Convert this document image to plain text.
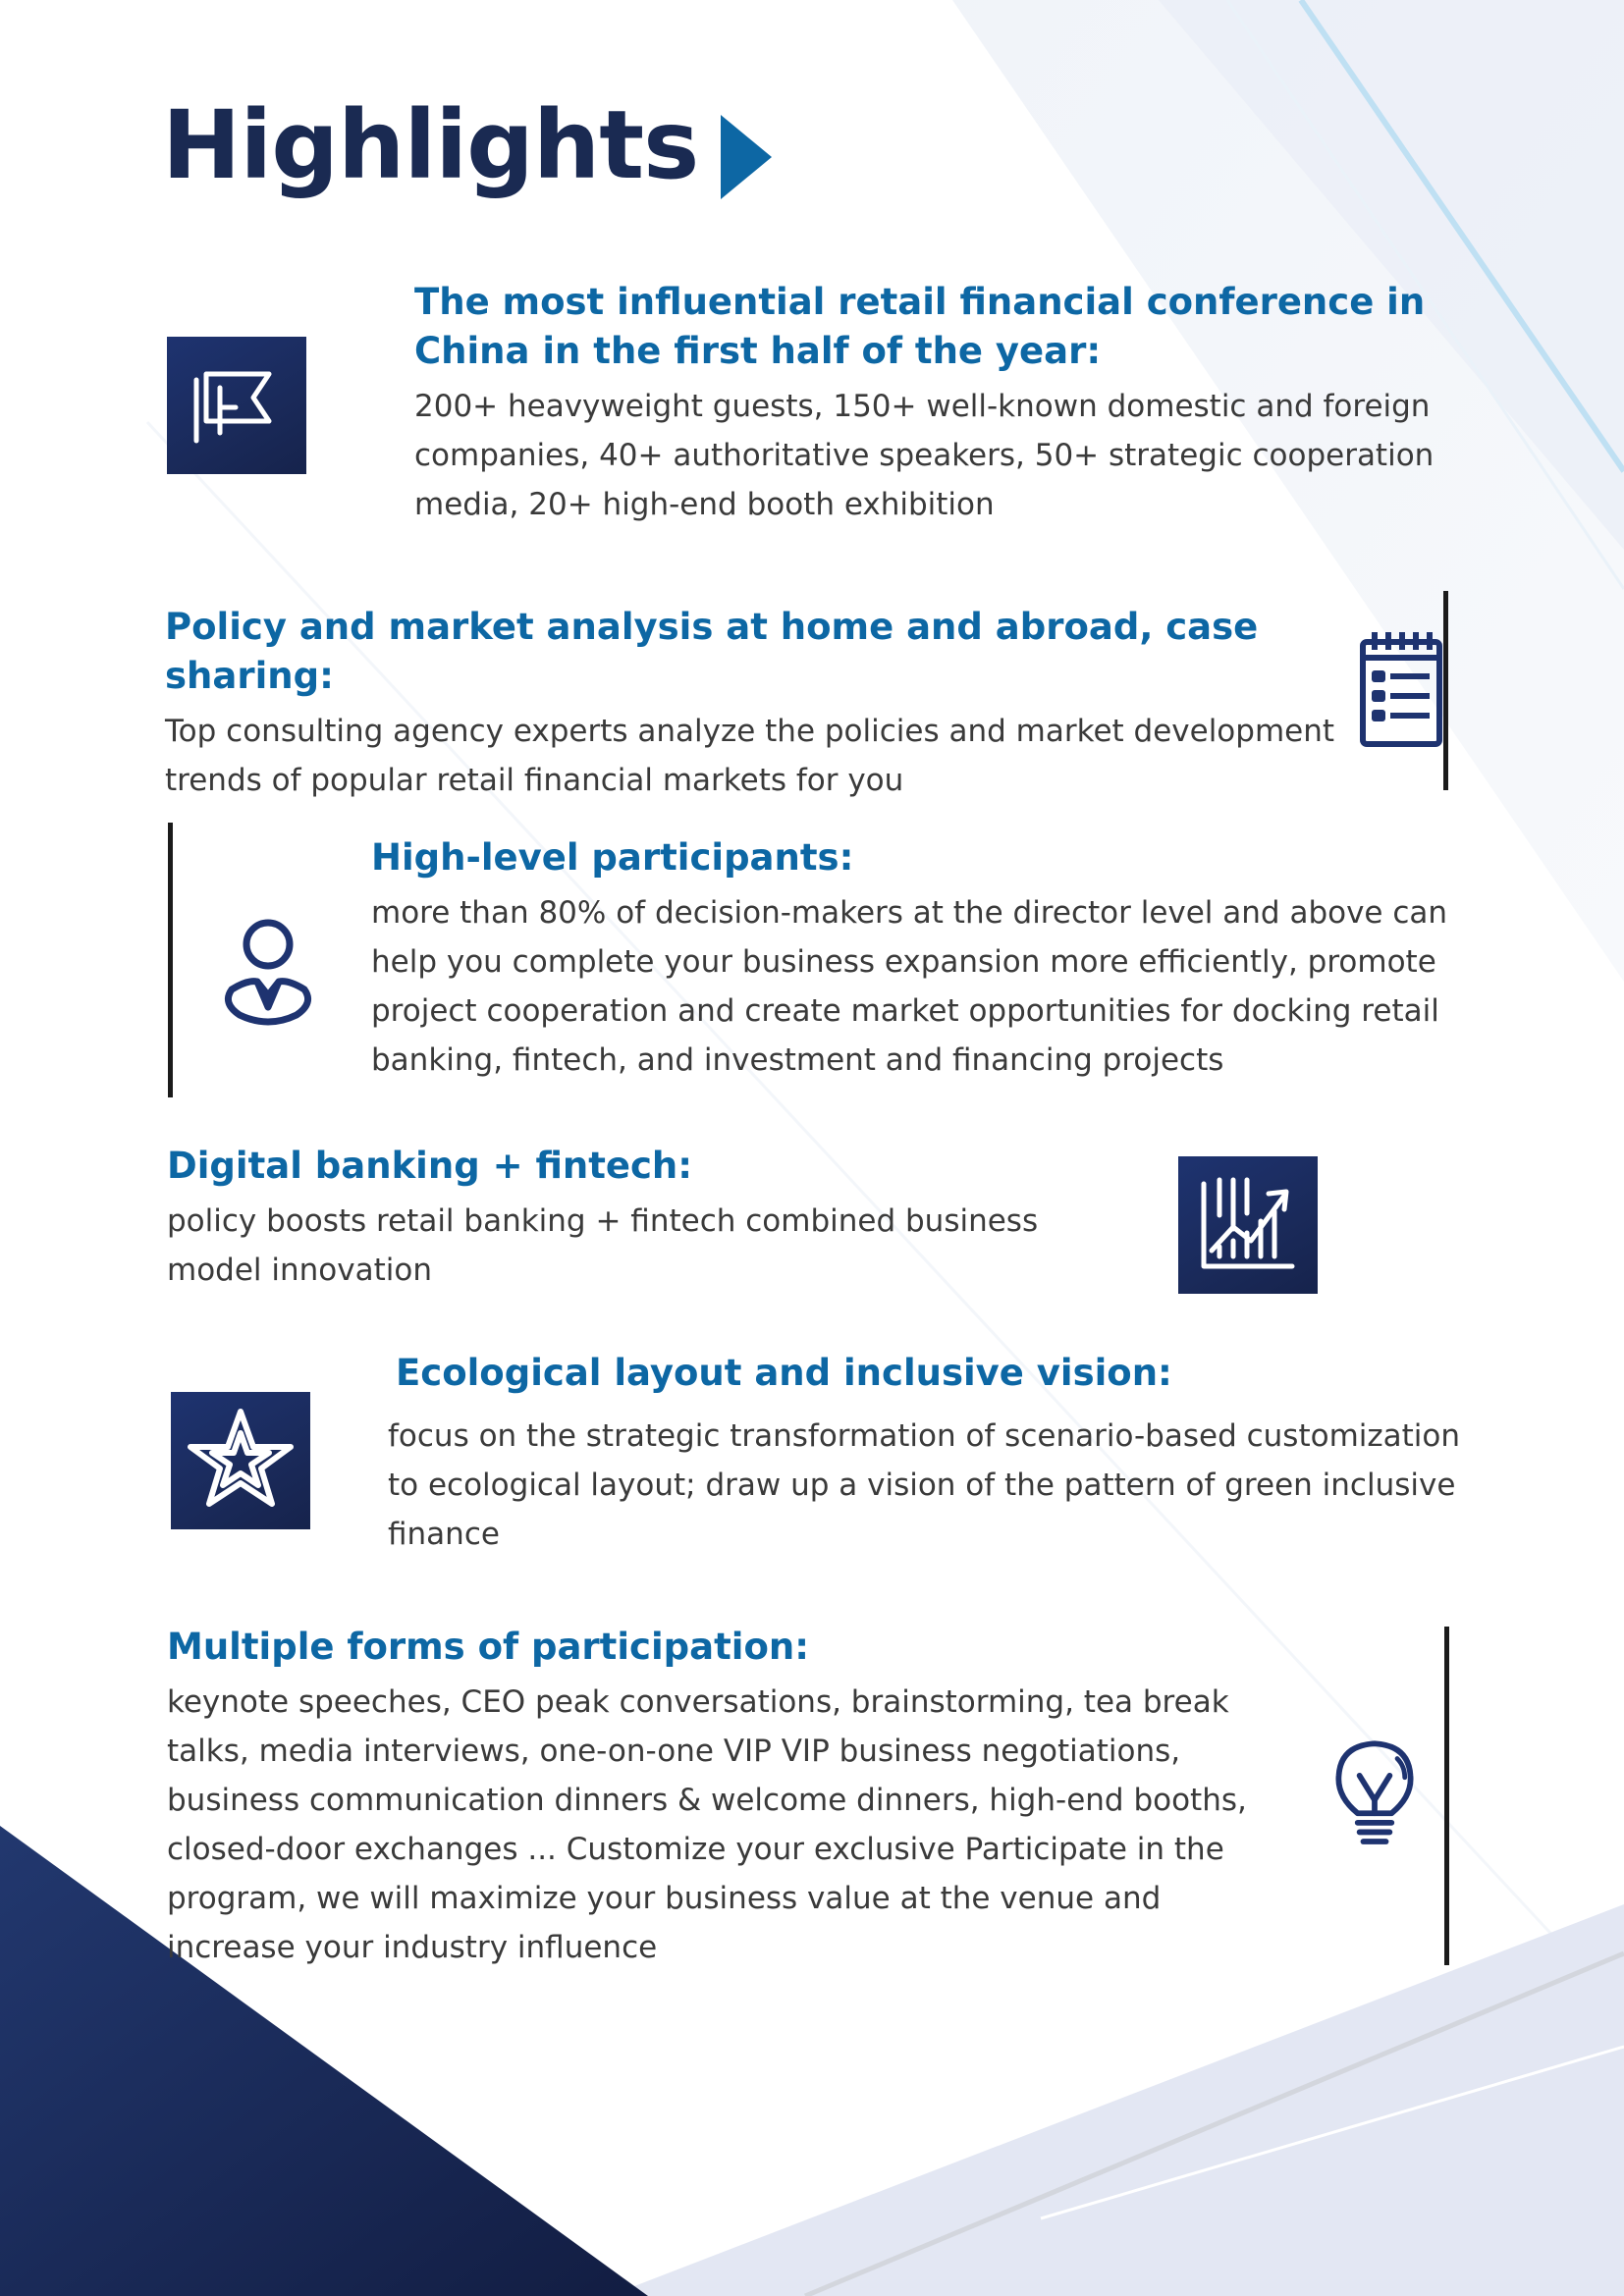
Highlights
The most influential retail financial conference in China in the first half of the year:

200+ heavyweight guests, 150+ well-known domestic and foreign companies, 40+ authoritative speakers, 50+ strategic cooperation media, 20+ high-end booth exhibition

Policy and market analysis at home and abroad, case sharing:

Top consulting agency experts analyze the policies and market development trends of popular retail financial markets for you

High-level participants:

more than 80% of decision-makers at the director level and above can help you complete your business expansion more efficiently, promote project cooperation and create market opportunities for docking retail banking, fintech, and investment and financing projects

Digital banking + fintech:

policy boosts retail banking + fintech combined business model innovation

Ecological layout and inclusive vision:

focus on the strategic transformation of scenario-based customization to ecological layout; draw up a vision of the pattern of green inclusive finance

Multiple forms of participation:

keynote speeches, CEO peak conversations, brainstorming, tea break talks, media interviews, one-on-one VIP VIP business negotiations, business communication dinners & welcome dinners, high-end booths, closed-door exchanges ... Customize your exclusive Participate in the program, we will maximize your business value at the venue and increase your industry influence
